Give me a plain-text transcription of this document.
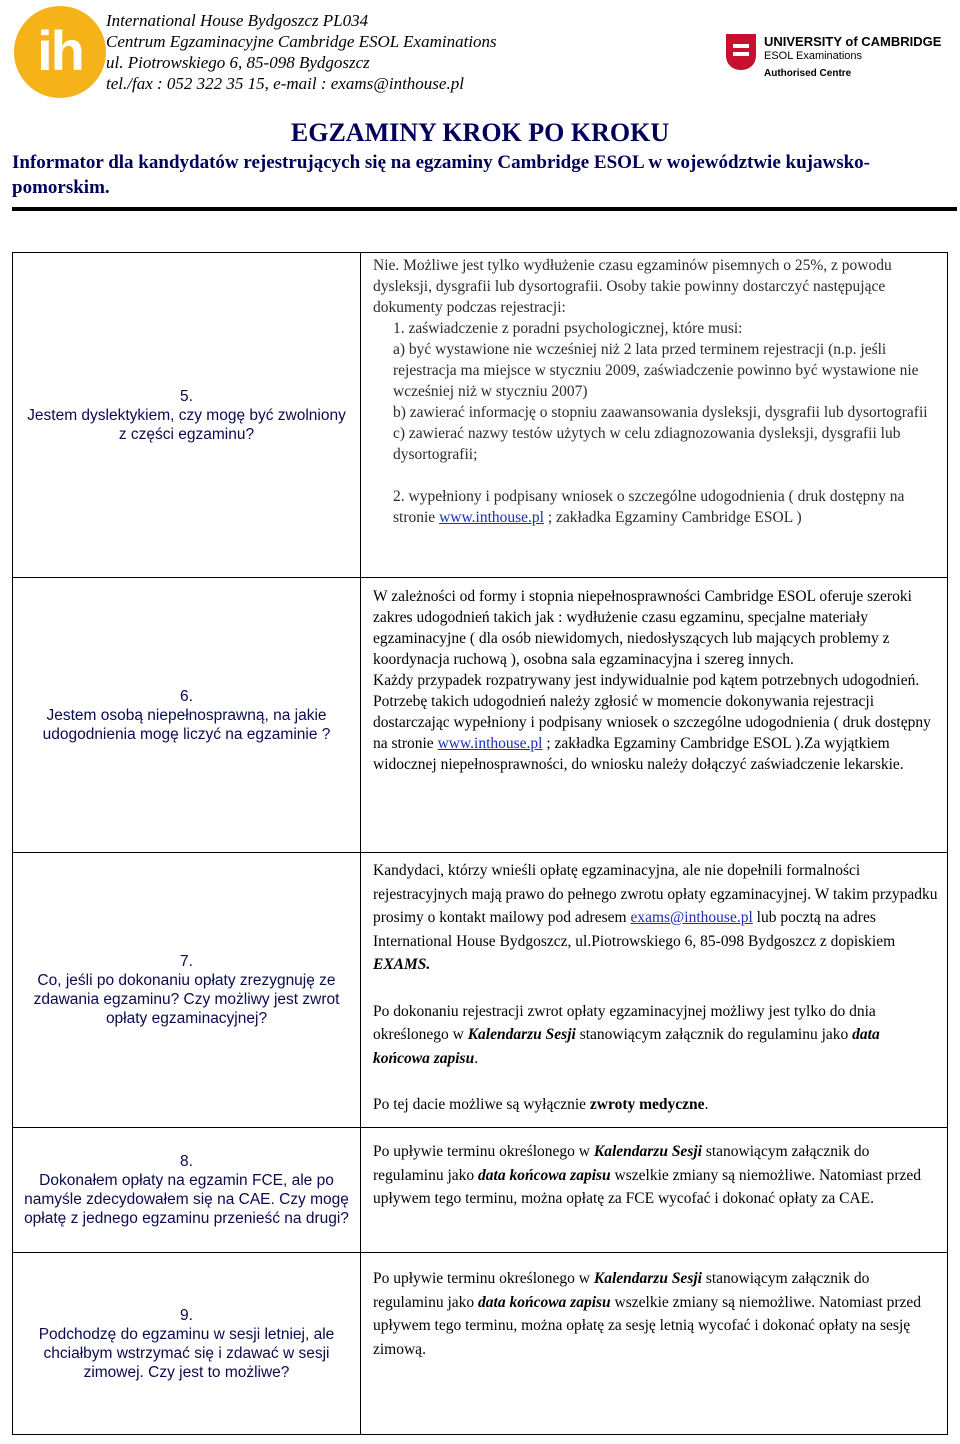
ih	International House Bydgoszcz PL034
Centrum Egzaminacyjne Cambridge ESOL Examinations
ul. Piotrowskiego 6, 85-098 Bydgoszcz
tel./fax : 052 322 35 15, e-mail : exams@inthouse.pl
UNIVERSITY of CAMBRIDGE
ESOL Examinations
Authorised Centre
EGZAMINY KROK PO KROKU
Informator dla kandydatów rejestrujących się na egzaminy Cambridge ESOL w województwie kujawsko-pomorskim.
5.
Jestem dyslektykiem, czy mogę być zwolniony z części egzaminu?

Nie. Możliwe jest tylko wydłużenie czasu egzaminów pisemnych o 25%, z powodu dysleksji, dysgrafii lub dysortografii. Osoby takie powinny dostarczyć następujące dokumenty podczas rejestracji:

1. zaświadczenie z poradni psychologicznej, które musi:

a) być wystawione nie wcześniej niż 2 lata przed terminem rejestracji (n.p. jeśli rejestracja ma miejsce w styczniu 2009, zaświadczenie powinno być wystawione nie wcześniej niż w styczniu 2007)

b) zawierać informację o stopniu zaawansowania dysleksji, dysgrafii lub dysortografii

c) zawierać nazwy testów użytych w celu zdiagnozowania dysleksji, dysgrafii lub dysortografii;

2. wypełniony i podpisany wniosek o szczególne udogodnienia ( druk dostępny na stronie www.inthouse.pl ; zakładka Egzaminy Cambridge ESOL )

6.
Jestem osobą niepełnosprawną, na jakie udogodnienia mogę liczyć na egzaminie ?

W zależności od formy i stopnia niepełnosprawności Cambridge ESOL oferuje szeroki zakres udogodnień takich jak : wydłużenie czasu egzaminu, specjalne materiały egzaminacyjne ( dla osób niewidomych, niedosłyszących lub mających problemy z koordynacja ruchową ), osobna sala egzaminacyjna i szereg innych.

Każdy przypadek rozpatrywany jest indywidualnie pod kątem potrzebnych udogodnień.

Potrzebę takich udogodnień należy zgłosić w momencie dokonywania rejestracji dostarczając wypełniony i podpisany wniosek o szczególne udogodnienia ( druk dostępny na stronie www.inthouse.pl ; zakładka Egzaminy Cambridge ESOL ).Za wyjątkiem widocznej niepełnosprawności, do wniosku należy dołączyć zaświadczenie lekarskie.

7.
Co, jeśli po dokonaniu opłaty zrezygnuję ze zdawania egzaminu? Czy możliwy jest zwrot opłaty egzaminacyjnej?

Kandydaci, którzy wnieśli opłatę egzaminacyjna, ale nie dopełnili formalności rejestracyjnych mają prawo do pełnego zwrotu opłaty egzaminacyjnej. W takim przypadku prosimy o kontakt mailowy pod adresem exams@inthouse.pl lub pocztą na adres International House Bydgoszcz, ul.Piotrowskiego 6, 85-098 Bydgoszcz z dopiskiem EXAMS.

Po dokonaniu rejestracji zwrot opłaty egzaminacyjnej możliwy jest tylko do dnia określonego w Kalendarzu Sesji stanowiącym załącznik do regulaminu jako data końcowa zapisu.

Po tej dacie możliwe są wyłącznie zwroty medyczne.

8.
Dokonałem opłaty na egzamin FCE, ale po namyśle zdecydowałem się na CAE. Czy mogę opłatę z jednego egzaminu przenieść na drugi?

Po upływie terminu określonego w Kalendarzu Sesji stanowiącym załącznik do regulaminu jako data końcowa zapisu wszelkie zmiany są niemożliwe. Natomiast przed upływem tego terminu, można opłatę za FCE wycofać i dokonać opłaty za CAE.

9.
Podchodzę do egzaminu w sesji letniej, ale chciałbym wstrzymać się i zdawać w sesji zimowej. Czy jest to możliwe?

Po upływie terminu określonego w Kalendarzu Sesji stanowiącym załącznik do regulaminu jako data końcowa zapisu wszelkie zmiany są niemożliwe. Natomiast przed upływem tego terminu, można opłatę za sesję letnią wycofać i dokonać opłaty na sesję zimową.
